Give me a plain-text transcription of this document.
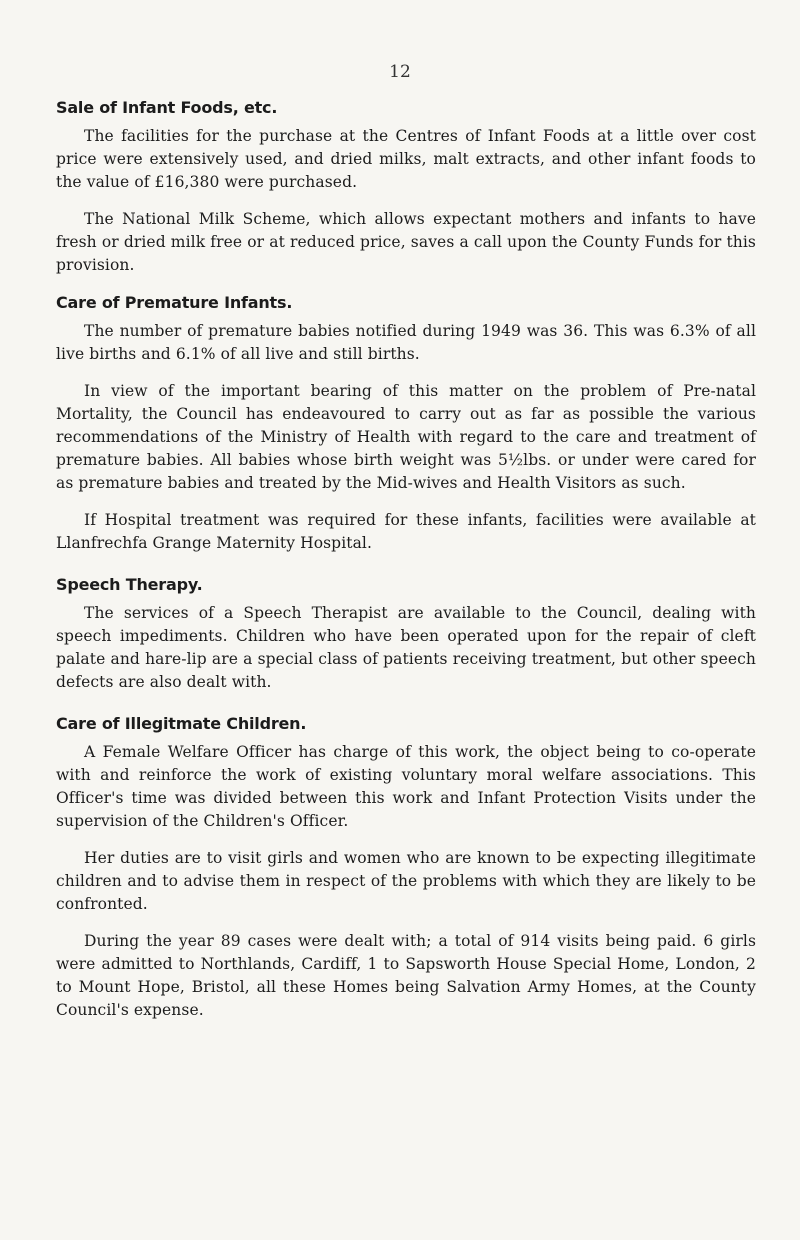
12
Sale of Infant Foods, etc.

The facilities for the purchase at the Centres of Infant Foods at a little over cost price were extensively used, and dried milks, malt extracts, and other infant foods to the value of £16,380 were purchased.

The National Milk Scheme, which allows expectant mothers and infants to have fresh or dried milk free or at reduced price, saves a call upon the County Funds for this provision.

Care of Premature Infants.

The number of premature babies notified during 1949 was 36. This was 6.3% of all live births and 6.1% of all live and still births.

In view of the important bearing of this matter on the problem of Pre-natal Mortality, the Council has endeavoured to carry out as far as possible the various recommendations of the Ministry of Health with regard to the care and treatment of premature babies. All babies whose birth weight was 5½lbs. or under were cared for as premature babies and treated by the Mid-wives and Health Visitors as such.

If Hospital treatment was required for these infants, facilities were available at Llanfrechfa Grange Maternity Hospital.

Speech Therapy.

The services of a Speech Therapist are available to the Council, dealing with speech impediments. Children who have been operated upon for the repair of cleft palate and hare-lip are a special class of patients receiving treatment, but other speech defects are also dealt with.

Care of Illegitmate Children.

A Female Welfare Officer has charge of this work, the object being to co-operate with and reinforce the work of existing voluntary moral welfare associations. This Officer's time was divided between this work and Infant Protection Visits under the supervision of the Children's Officer.

Her duties are to visit girls and women who are known to be expecting illegitimate children and to advise them in respect of the problems with which they are likely to be confronted.

During the year 89 cases were dealt with; a total of 914 visits being paid. 6 girls were admitted to Northlands, Cardiff, 1 to Sapsworth House Special Home, London, 2 to Mount Hope, Bristol, all these Homes being Salvation Army Homes, at the County Council's expense.
